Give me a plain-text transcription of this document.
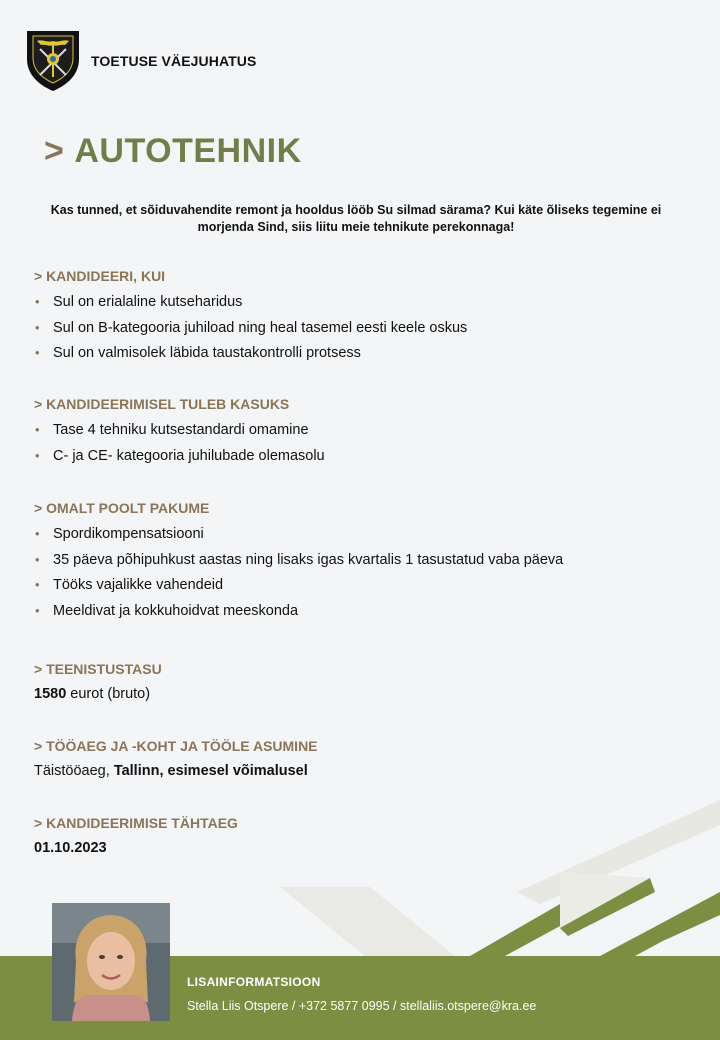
TOETUSE VÄEJUHATUS
> AUTOTEHNIK
Kas tunned, et sõiduvahendite remont ja hooldus lööb Su silmad särama? Kui käte õliseks tegemine ei morjenda Sind, siis liitu meie tehnikute perekonnaga!
> KANDIDEERI, KUI
• Sul on erialaline kutseharidus
• Sul on B-kategooria juhiload ning heal tasemel eesti keele oskus
• Sul on valmisolek läbida taustakontrolli protsess
> KANDIDEERIMISEL TULEB KASUKS
• Tase 4 tehniku kutsestandardi omamine
• C- ja CE- kategooria juhilubade olemasolu
> OMALT POOLT PAKUME
• Spordikompensatsiooni
• 35 päeva põhipuhkust aastas ning lisaks igas kvartalis 1 tasustatud vaba päeva
• Tööks vajalikke vahendeid
• Meeldivat ja kokkuhoidvat meeskonda
> TEENISTUSTASU
1580 eurot (bruto)
> TÖÖAEG JA -KOHT JA TÖÖLE ASUMINE
Täistööaeg, Tallinn, esimesel võimalusel
> KANDIDEERIMISE TÄHTAEG
01.10.2023
LISAINFORMATSIOON
Stella Liis Otspere / +372 5877 0995 / stellaliis.otspere@kra.ee
